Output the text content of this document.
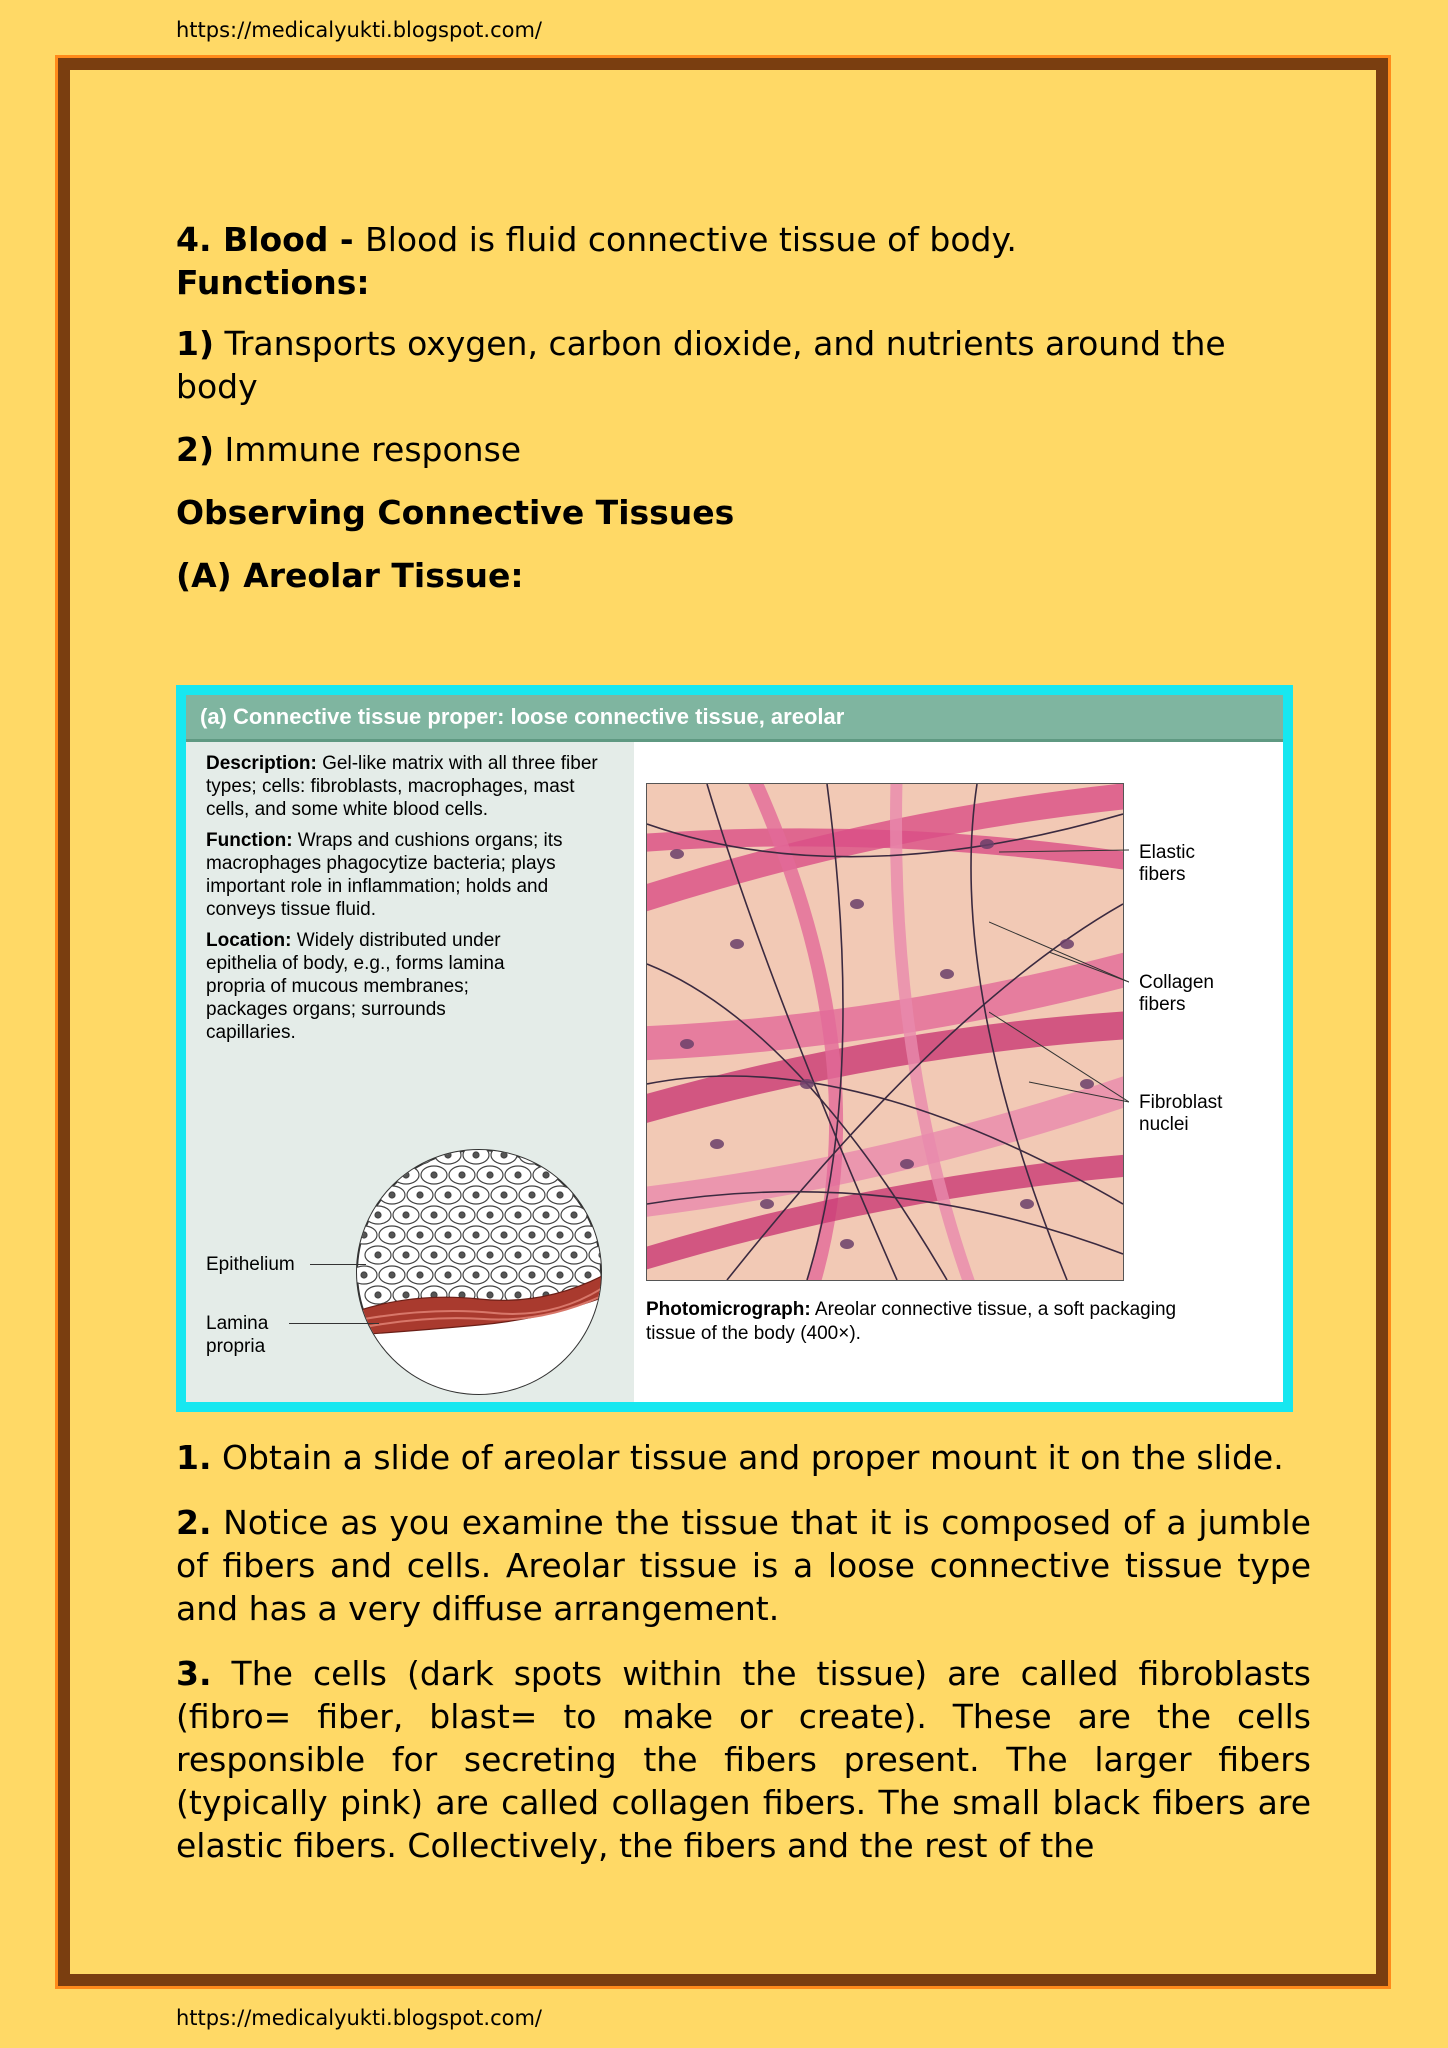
https://medicalyukti.blogspot.com/

4. Blood - Blood is fluid connective tissue of body.

Functions:

1) Transports oxygen, carbon dioxide, and nutrients around the body

2) Immune response

Observing Connective Tissues

(A) Areolar Tissue:

(a) Connective tissue proper: loose connective tissue, areolar

Description: Gel-like matrix with all three fiber types; cells: fibroblasts, macrophages, mast cells, and some white blood cells.

Function: Wraps and cushions organs; its macrophages phagocytize bacteria; plays important role in inflammation; holds and conveys tissue fluid.

Location: Widely distributed under epithelia of body, e.g., forms lamina propria of mucous membranes; packages organs; surrounds capillaries.

Epithelium
Lamina
propria
Elastic
fibers
Collagen
fibers
Fibroblast
nuclei
Photomicrograph: Areolar connective tissue, a soft packaging tissue of the body (400×).

1. Obtain a slide of areolar tissue and proper mount it on the slide.

2. Notice as you examine the tissue that it is composed of a jumble of fibers and cells. Areolar tissue is a loose connective tissue type and has a very diffuse arrangement.

3. The cells (dark spots within the tissue) are called fibroblasts (fibro= fiber, blast= to make or create). These are the cells responsible for secreting the fibers present. The larger fibers (typically pink) are called collagen fibers. The small black fibers are elastic fibers. Collectively, the fibers and the rest of the

https://medicalyukti.blogspot.com/
